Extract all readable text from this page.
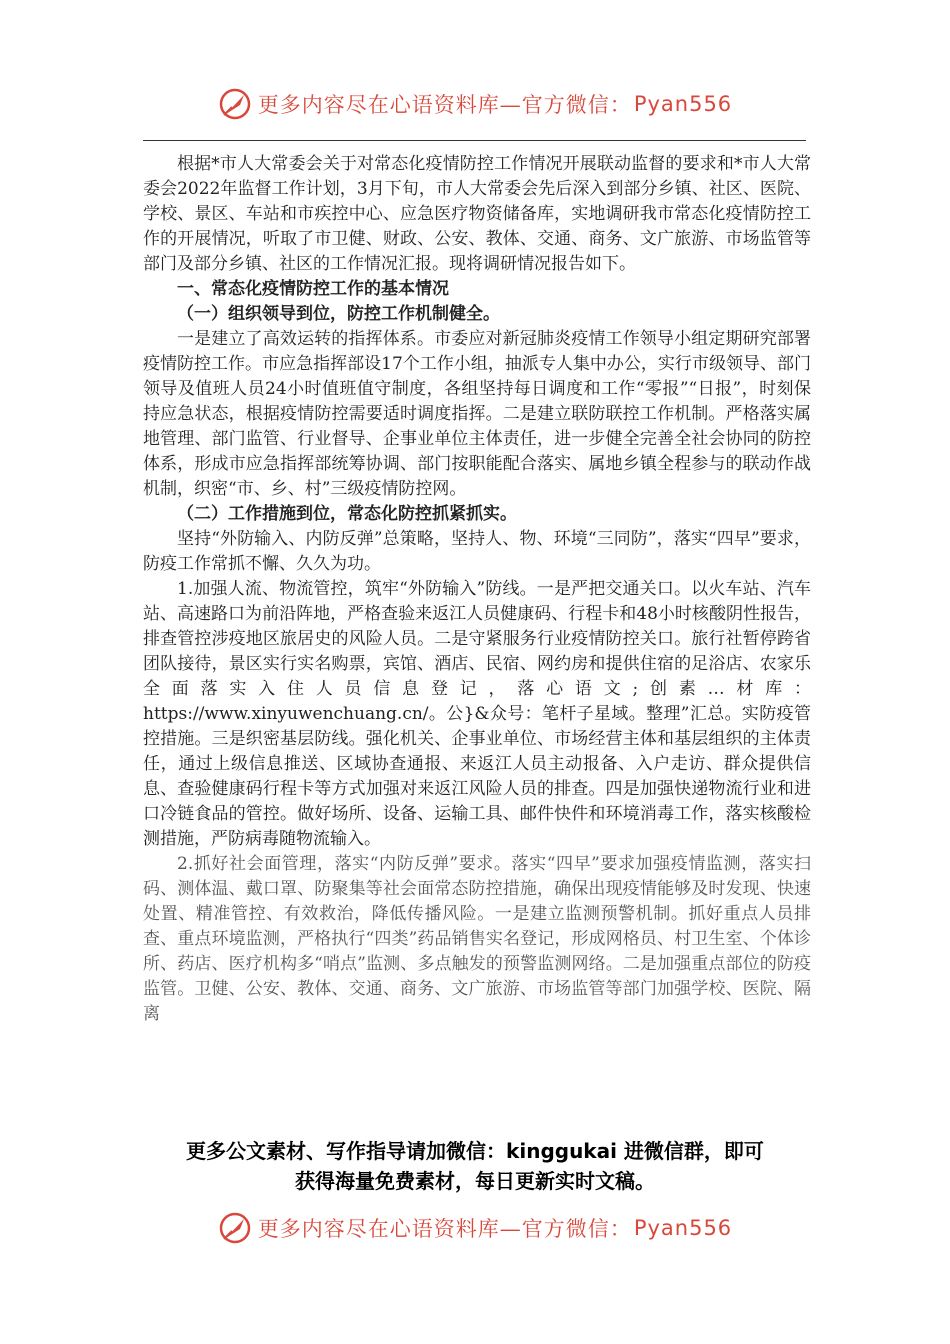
更多内容尽在心语资料库—官方微信： Pyan556

根据*市人大常委会关于对常态化疫情防控工作情况开展联动监督的要求和*市人大常委会2022年监督工作计划，3月下旬，市人大常委会先后深入到部分乡镇、社区、医院、学校、景区、车站和市疾控中心、应急医疗物资储备库，实地调研我市常态化疫情防控工作的开展情况，听取了市卫健、财政、公安、教体、交通、商务、文广旅游、市场监管等部门及部分乡镇、社区的工作情况汇报。现将调研情况报告如下。

一、常态化疫情防控工作的基本情况

（一）组织领导到位，防控工作机制健全。

一是建立了高效运转的指挥体系。市委应对新冠肺炎疫情工作领导小组定期研究部署疫情防控工作。市应急指挥部设17个工作小组，抽派专人集中办公，实行市级领导、部门领导及值班人员24小时值班值守制度，各组坚持每日调度和工作“零报”“日报”，时刻保持应急状态，根据疫情防控需要适时调度指挥。二是建立联防联控工作机制。严格落实属地管理、部门监管、行业督导、企事业单位主体责任，进一步健全完善全社会协同的防控体系，形成市应急指挥部统筹协调、部门按职能配合落实、属地乡镇全程参与的联动作战机制，织密“市、乡、村”三级疫情防控网。

（二）工作措施到位，常态化防控抓紧抓实。

坚持“外防输入、内防反弹”总策略，坚持人、物、环境“三同防”，落实“四早”要求，防疫工作常抓不懈、久久为功。

1.加强人流、物流管控，筑牢“外防输入”防线。一是严把交通关口。以火车站、汽车站、高速路口为前沿阵地，严格查验来返江人员健康码、行程卡和48小时核酸阴性报告，排查管控涉疫地区旅居史的风险人员。二是守紧服务行业疫情防控关口。旅行社暂停跨省团队接待，景区实行实名购票，宾馆、酒店、民宿、网约房和提供住宿的足浴店、农家乐全面落实入住人员信息登记，落心语文;创素…材库：https://www.xinyuwenchuang.cn/。公}&众号：笔杆子星域。整理”汇总。实防疫管控措施。三是织密基层防线。强化机关、企事业单位、市场经营主体和基层组织的主体责任，通过上级信息推送、区域协查通报、来返江人员主动报备、入户走访、群众提供信息、查验健康码行程卡等方式加强对来返江风险人员的排查。四是加强快递物流行业和进口冷链食品的管控。做好场所、设备、运输工具、邮件快件和环境消毒工作，落实核酸检测措施，严防病毒随物流输入。

2.抓好社会面管理，落实“内防反弹”要求。落实“四早”要求加强疫情监测，落实扫码、测体温、戴口罩、防聚集等社会面常态防控措施，确保出现疫情能够及时发现、快速处置、精准管控、有效救治，降低传播风险。一是建立监测预警机制。抓好重点人员排查、重点环境监测，严格执行“四类”药品销售实名登记，形成网格员、村卫生室、个体诊所、药店、医疗机构多“哨点”监测、多点触发的预警监测网络。二是加强重点部位的防疫监管。卫健、公安、教体、交通、商务、文广旅游、市场监管等部门加强学校、医院、隔离

更多公文素材、写作指导请加微信：kinggukai 进微信群，即可
获得海量免费素材，每日更新实时文稿。
更多内容尽在心语资料库—官方微信： Pyan556
